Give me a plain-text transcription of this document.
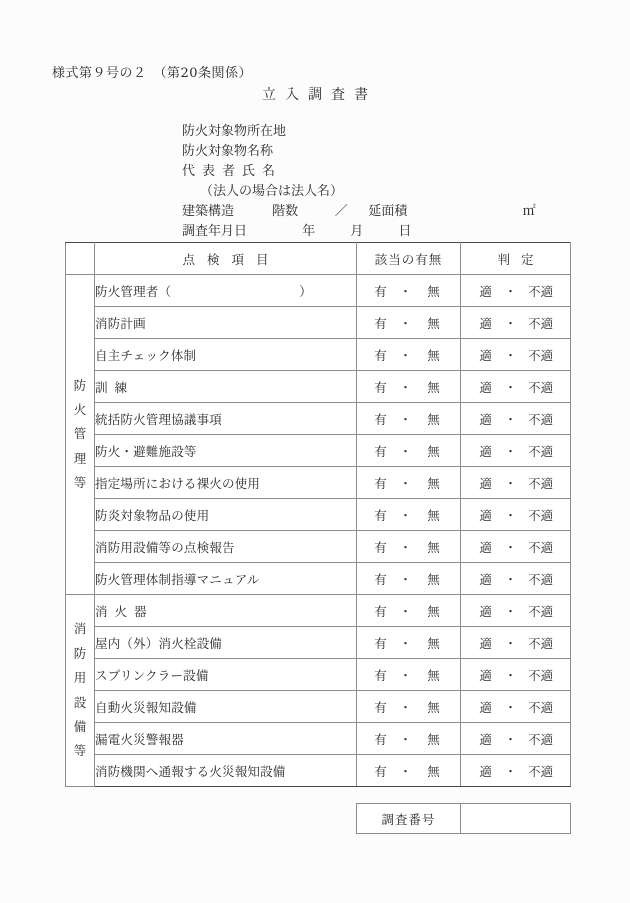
様式第９号の２　（第20条関係）
立入調査書
防火対象物所在地
防火対象物名称
代表者氏名
（法人の場合は法人名）
建築構造	階数	／ 延面積	㎡
調査年月日	年	月	日
	点検項目	該当の有無	判定

防火管理等	防火管理者（ ）	有 ・ 無	適 ・ 不適

	消防計画	有 ・ 無	適 ・ 不適

	自主チェック体制	有 ・ 無	適 ・ 不適

	訓練	有 ・ 無	適 ・ 不適

	統括防火管理協議事項	有 ・ 無	適 ・ 不適

	防火・避難施設等	有 ・ 無	適 ・ 不適

	指定場所における裸火の使用	有 ・ 無	適 ・ 不適

	防炎対象物品の使用	有 ・ 無	適 ・ 不適

	消防用設備等の点検報告	有 ・ 無	適 ・ 不適

	防火管理体制指導マニュアル	有 ・ 無	適 ・ 不適

消防用設備等	消火器	有 ・ 無	適 ・ 不適

	屋内（外）消火栓設備	有 ・ 無	適 ・ 不適

	スプリンクラー設備	有 ・ 無	適 ・ 不適

	自動火災報知設備	有 ・ 無	適 ・ 不適

	漏電火災警報器	有 ・ 無	適 ・ 不適

	消防機関へ通報する火災報知設備	有 ・ 無	適 ・ 不適
調査番号	
